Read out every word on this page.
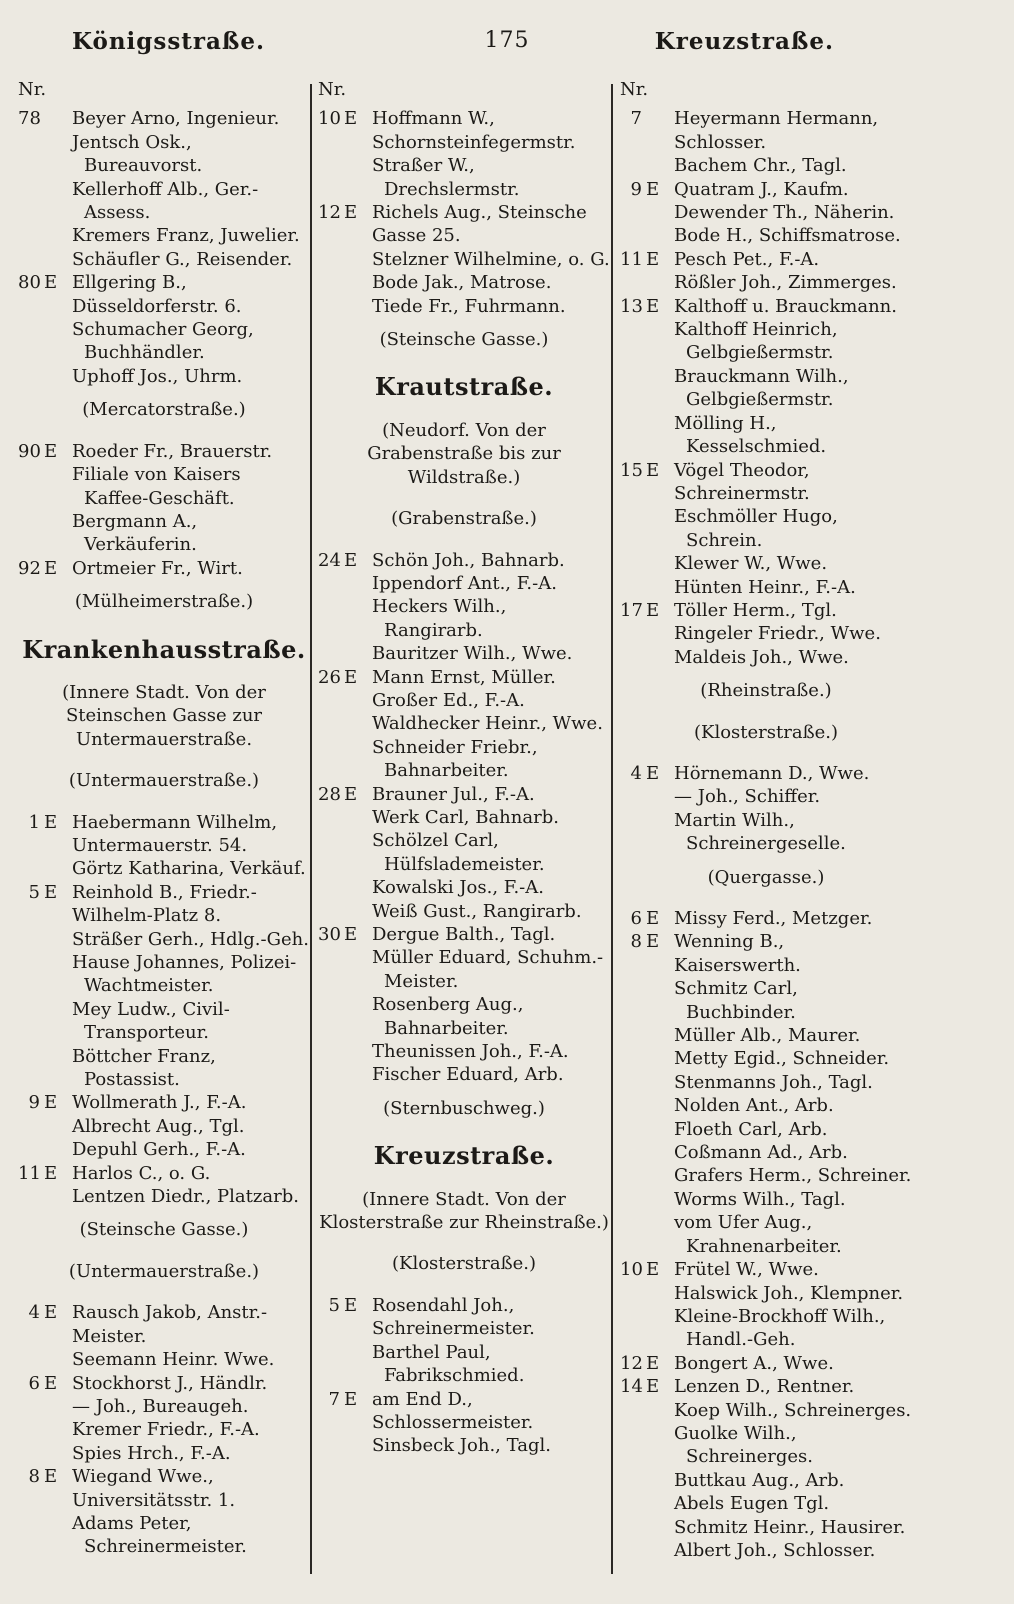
Königsstraße.	175	Kreuzstraße.
Nr.
78	Beyer Arno, Ingenieur.
Jentsch Osk., Bureauvorst.
Kellerhoff Alb., Ger.-Assess.
Kremers Franz, Juwelier.
Schäufler G., Reisender.
80 E Ellgering B., Düsseldorferstr. 6.
Schumacher Georg, Buchhändler.
Uphoff Jos., Uhrm.
(Mercatorstraße.)
90 E Roeder Fr., Brauerstr.
Filiale von Kaisers Kaffee-Geschäft.
Bergmann A., Verkäuferin.
92 E Ortmeier Fr., Wirt.
(Mülheimerstraße.)
Krankenhausstraße.
(Innere Stadt. Von der Steinschen Gasse zur Untermauerstraße.
(Untermauerstraße.)
1 E Haebermann Wilhelm, Untermauerstr. 54.
Görtz Katharina, Verkäuf.
5 E Reinhold B., Friedr.-Wilhelm-Platz 8.
Sträßer Gerh., Hdlg.-Geh.
Hause Johannes, Polizei-Wachtmeister.
Mey Ludw., Civil-Transporteur.
Böttcher Franz, Postassist.
9 E Wollmerath J., F.-A.
Albrecht Aug., Tgl.
Depuhl Gerh., F.-A.
11 E Harlos C., o. G.
Lentzen Diedr., Platzarb.
(Steinsche Gasse.)
(Untermauerstraße.)
4 E Rausch Jakob, Anstr.-Meister.
Seemann Heinr. Wwe.
6 E Stockhorst J., Händlr.
— Joh., Bureaugeh.
Kremer Friedr., F.-A.
Spies Hrch., F.-A.
8 E Wiegand Wwe., Universitätsstr. 1.
Adams Peter, Schreinermeister.
Nr.
10 E Hoffmann W., Schornsteinfegermstr.
Straßer W., Drechslermstr.
12 E Richels Aug., Steinsche Gasse 25.
Stelzner Wilhelmine, o. G.
Bode Jak., Matrose.
Tiede Fr., Fuhrmann.
(Steinsche Gasse.)
Krautstraße.
(Neudorf. Von der Grabenstraße bis zur Wildstraße.)
(Grabenstraße.)
24 E Schön Joh., Bahnarb.
Ippendorf Ant., F.-A.
Heckers Wilh., Rangirarb.
Bauritzer Wilh., Wwe.
26 E Mann Ernst, Müller.
Großer Ed., F.-A.
Waldhecker Heinr., Wwe.
Schneider Friebr., Bahnarbeiter.
28 E Brauner Jul., F.-A.
Werk Carl, Bahnarb.
Schölzel Carl, Hülfslademeister.
Kowalski Jos., F.-A.
Weiß Gust., Rangirarb.
30 E Dergue Balth., Tagl.
Müller Eduard, Schuhm.-Meister.
Rosenberg Aug., Bahnarbeiter.
Theunissen Joh., F.-A.
Fischer Eduard, Arb.
(Sternbuschweg.)
Kreuzstraße.
(Innere Stadt. Von der Klosterstraße zur Rheinstraße.)
(Klosterstraße.)
5 E Rosendahl Joh., Schreinermeister.
Barthel Paul, Fabrikschmied.
7 E am End D., Schlossermeister.
Sinsbeck Joh., Tagl.
Nr.
7	Heyermann Hermann, Schlosser.
Bachem Chr., Tagl.
9 E Quatram J., Kaufm.
Dewender Th., Näherin.
Bode H., Schiffsmatrose.
11 E Pesch Pet., F.-A.
Rößler Joh., Zimmerges.
13 E Kalthoff u. Brauckmann.
Kalthoff Heinrich, Gelbgießermstr.
Brauckmann Wilh., Gelbgießermstr.
Mölling H., Kesselschmied.
15 E Vögel Theodor, Schreinermstr.
Eschmöller Hugo, Schrein.
Klewer W., Wwe.
Hünten Heinr., F.-A.
17 E Töller Herm., Tgl.
Ringeler Friedr., Wwe.
Maldeis Joh., Wwe.
(Rheinstraße.)
(Klosterstraße.)
4 E Hörnemann D., Wwe.
— Joh., Schiffer.
Martin Wilh., Schreinergeselle.
(Quergasse.)
6 E Missy Ferd., Metzger.
8 E Wenning B., Kaiserswerth.
Schmitz Carl, Buchbinder.
Müller Alb., Maurer.
Metty Egid., Schneider.
Stenmanns Joh., Tagl.
Nolden Ant., Arb.
Floeth Carl, Arb.
Coßmann Ad., Arb.
Grafers Herm., Schreiner.
Worms Wilh., Tagl.
vom Ufer Aug., Krahnenarbeiter.
10 E Frütel W., Wwe.
Halswick Joh., Klempner.
Kleine-Brockhoff Wilh., Handl.-Geh.
12 E Bongert A., Wwe.
14 E Lenzen D., Rentner.
Koep Wilh., Schreinerges.
Guolke Wilh., Schreinerges.
Buttkau Aug., Arb.
Abels Eugen Tgl.
Schmitz Heinr., Hausirer.
Albert Joh., Schlosser.
